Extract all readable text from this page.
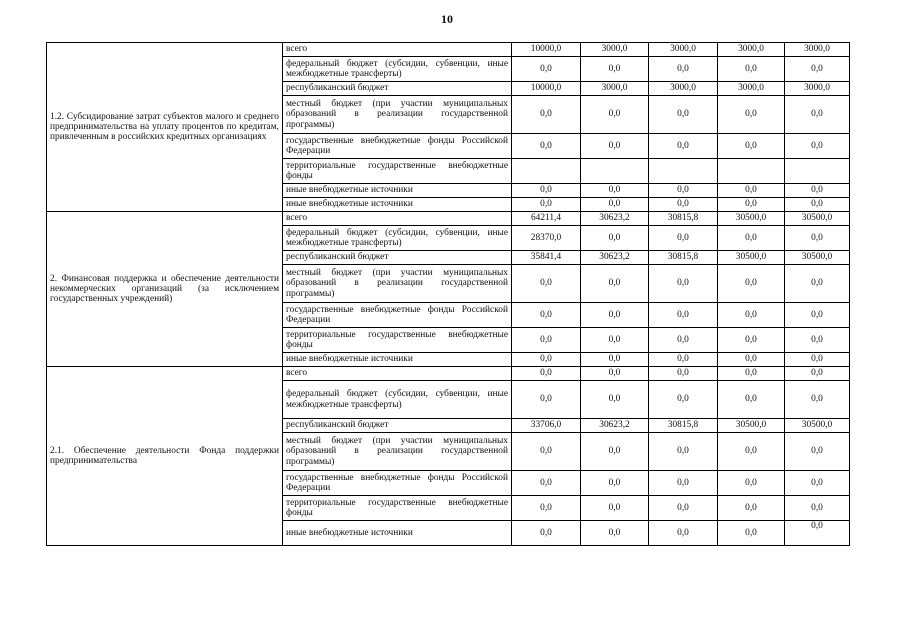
10
1.2. Субсидирование затрат субъектов малого и среднего предпринимательства на уплату процентов по кредитам, привлеченным в российских кредитных организациях	всего	10000,0	3000,0	3000,0	3000,0	3000,0
	федеральный бюджет (субсидии, субвенции, иные межбюджетные трансферты)	0,0	0,0	0,0	0,0	0,0
	республиканский бюджет	10000,0	3000,0	3000,0	3000,0	3000,0
	местный бюджет (при участии муниципальных образований в реализации государственной программы)	0,0	0,0	0,0	0,0	0,0
	государственные внебюджетные фонды Российской Федерации	0,0	0,0	0,0	0,0	0,0
	территориальные государственные внебюджетные фонды					
	иные внебюджетные источники	0,0	0,0	0,0	0,0	0,0
	иные внебюджетные источники	0,0	0,0	0,0	0,0	0,0
2. Финансовая поддержка и обеспечение деятельности некоммерческих организаций (за исключением государственных учреждений)	всего	64211,4	30623,2	30815,8	30500,0	30500,0
	федеральный бюджет (субсидии, субвенции, иные межбюджетные трансферты)	28370,0	0,0	0,0	0,0	0,0
	республиканский бюджет	35841,4	30623,2	30815,8	30500,0	30500,0
	местный бюджет (при участии муниципальных образований в реализации государственной программы)	0,0	0,0	0,0	0,0	0,0
	государственные внебюджетные фонды Российской Федерации	0,0	0,0	0,0	0,0	0,0
	территориальные государственные внебюджетные фонды	0,0	0,0	0,0	0,0	0,0
	иные внебюджетные источники	0,0	0,0	0,0	0,0	0,0
2.1. Обеспечение деятельности Фонда поддержки предпринимательства	всего	0,0	0,0	0,0	0,0	0,0
	федеральный бюджет (субсидии, субвенции, иные межбюджетные трансферты)	0,0	0,0	0,0	0,0	0,0
	республиканский бюджет	33706,0	30623,2	30815,8	30500,0	30500,0
	местный бюджет (при участии муниципальных образований в реализации государственной программы)	0,0	0,0	0,0	0,0	0,0
	государственные внебюджетные фонды Российской Федерации	0,0	0,0	0,0	0,0	0,0
	территориальные государственные внебюджетные фонды	0,0	0,0	0,0	0,0	0,0
	иные внебюджетные источники	0,0	0,0	0,0	0,0	0,0
